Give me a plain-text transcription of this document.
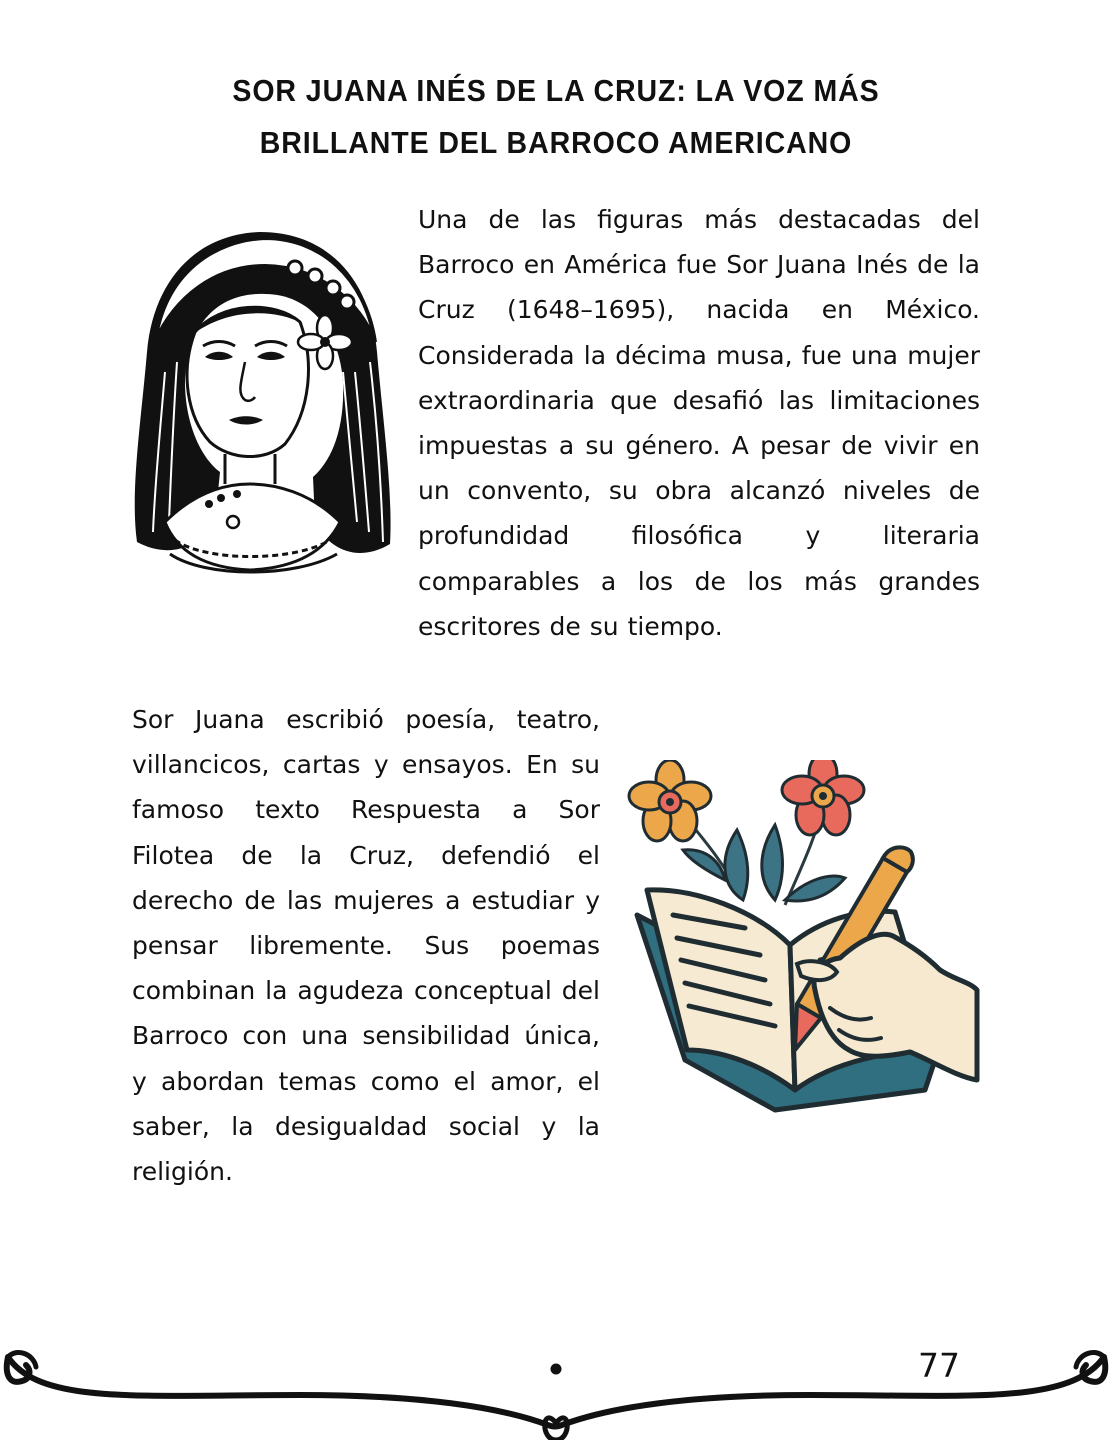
SOR JUANA INÉS DE LA CRUZ: LA VOZ MÁS
BRILLANTE DEL BARROCO AMERICANO

Una de las figuras más destacadas del Barroco en América fue Sor Juana Inés de la Cruz (1648–1695), nacida en México. Considerada la décima musa, fue una mujer extraordinaria que desafió las limitaciones impuestas a su género. A pesar de vivir en un convento, su obra alcanzó niveles de profundidad filosófica y literaria comparables a los de los más grandes escritores de su tiempo.

Sor Juana escribió poesía, teatro, villancicos, cartas y ensayos. En su famoso texto Respuesta a Sor Filotea de la Cruz, defendió el derecho de las mujeres a estudiar y pensar libremente. Sus poemas combinan la agudeza conceptual del Barroco con una sensibilidad única, y abordan temas como el amor, el saber, la desigualdad social y la religión.

77
